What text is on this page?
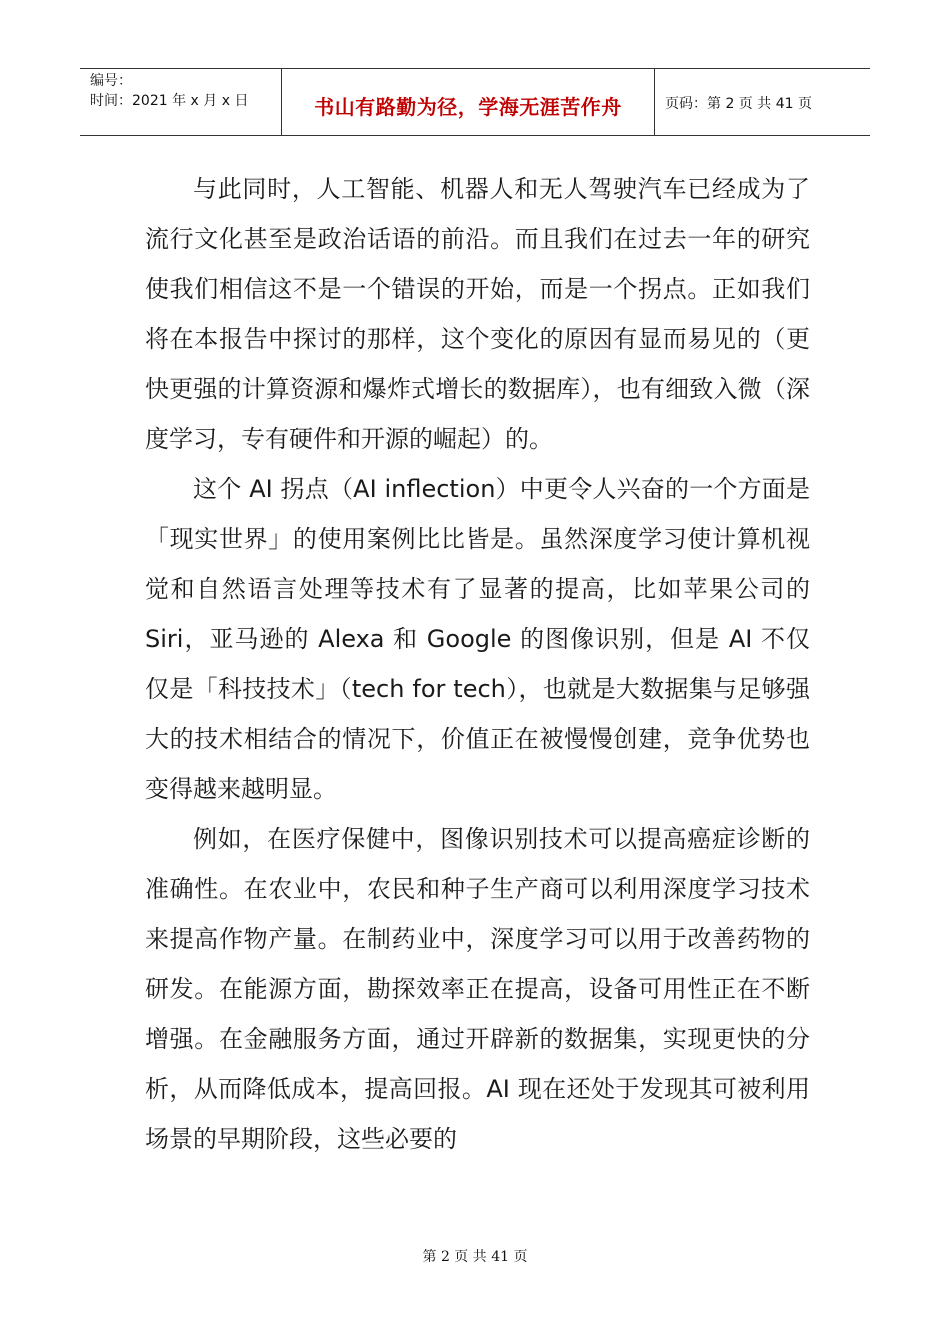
编号：
时间：2021 年 x 月 x 日	书山有路勤为径，学海无涯苦作舟	页码：第 2 页 共 41 页

与此同时，人工智能、机器人和无人驾驶汽车已经成为了流行文化甚至是政治话语的前沿。而且我们在过去一年的研究使我们相信这不是一个错误的开始，而是一个拐点。正如我们将在本报告中探讨的那样，这个变化的原因有显而易见的（更快更强的计算资源和爆炸式增长的数据库），也有细致入微（深度学习，专有硬件和开源的崛起）的。

这个 AI 拐点（AI inflection）中更令人兴奋的一个方面是「现实世界」的使用案例比比皆是。虽然深度学习使计算机视觉和自然语言处理等技术有了显著的提高，比如苹果公司的 Siri，亚马逊的 Alexa 和 Google 的图像识别，但是 AI 不仅仅是「科技技术」（tech for tech），也就是大数据集与足够强大的技术相结合的情况下，价值正在被慢慢创建，竞争优势也变得越来越明显。

例如，在医疗保健中，图像识别技术可以提高癌症诊断的准确性。在农业中，农民和种子生产商可以利用深度学习技术来提高作物产量。在制药业中，深度学习可以用于改善药物的研发。在能源方面，勘探效率正在提高，设备可用性正在不断增强。在金融服务方面，通过开辟新的数据集，实现更快的分析，从而降低成本，提高回报。AI 现在还处于发现其可被利用场景的早期阶段，这些必要的

第 2 页 共 41 页
